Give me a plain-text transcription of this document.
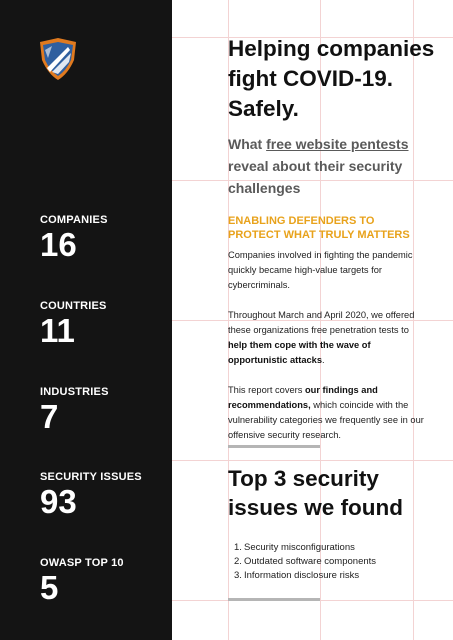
COMPANIES
16
COUNTRIES
11
INDUSTRIES
7
SECURITY ISSUES
93
OWASP TOP 10
5
Helping companies fight COVID-19. Safely.
What free website pentests reveal about their security challenges
ENABLING DEFENDERS TO PROTECT WHAT TRULY MATTERS

Companies involved in fighting the pandemic quickly became high-value targets for cybercriminals.

Throughout March and April 2020, we offered these organizations free penetration tests to help them cope with the wave of opportunistic attacks.

This report covers our findings and recommendations, which coincide with the vulnerability categories we frequently see in our offensive security research.

Top 3 security issues we found
1. Security misconfigurations
2. Outdated software components
3. Information disclosure risks
